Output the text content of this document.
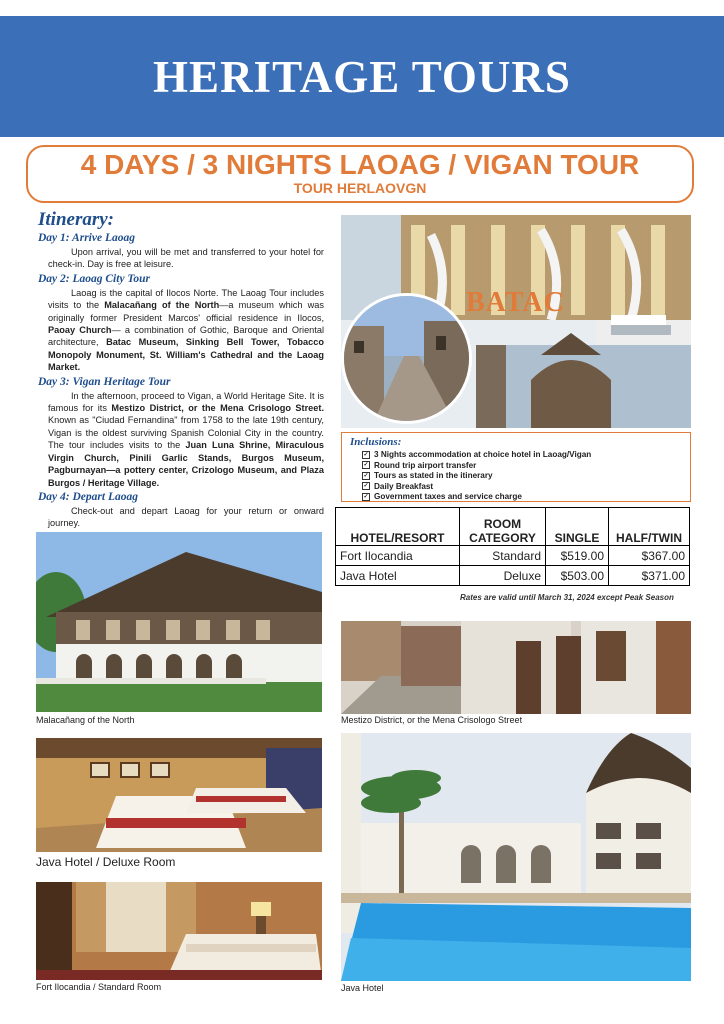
HERITAGE TOURS
4 DAYS / 3 NIGHTS LAOAG / VIGAN TOUR
TOUR HERLAOVGN
Itinerary:
Day 1: Arrive Laoag

Upon arrival, you will be met and transferred to your hotel for check-in. Day is free at leisure.

Day 2: Laoag City Tour

Laoag is the capital of Ilocos Norte. The Laoag Tour includes visits to the Malacañang of the North—a museum which was originally former President Marcos' official residence in Ilocos, Paoay Church— a combination of Gothic, Baroque and Oriental architecture, Batac Museum, Sinking Bell Tower, Tobacco Monopoly Monument, St. William's Cathedral and the Laoag Market.

Day 3: Vigan Heritage Tour

In the afternoon, proceed to Vigan, a World Heritage Site. It is famous for its Mestizo District, or the Mena Crisologo Street. Known as "Ciudad Fernandina" from 1758 to the late 19th century, Vigan is the oldest surviving Spanish Colonial City in the country. The tour includes visits to the Juan Luna Shrine, Miraculous Virgin Church, Pinili Garlic Stands, Burgos Museum, Pagburnayan—a pottery center, Crizologo Museum, and Plaza Burgos / Heritage Village.

Day 4: Depart Laoag

Check-out and depart Laoag for your return or onward journey.

BATAC
Inclusions:
✓ 3 Nights accommodation at choice hotel in Laoag/Vigan
✓ Round trip airport transfer
✓ Tours as stated in the itinerary
✓ Daily Breakfast
✓ Government taxes and service charge
HOTEL/RESORT	ROOM CATEGORY	SINGLE	HALF/TWIN
Fort Ilocandia	Standard	$519.00	$367.00
Java Hotel	Deluxe	$503.00	$371.00
Rates are valid until March 31, 2024 except Peak Season
Malacañang of the North	Mestizo District, or the Mena Crisologo Street
Java Hotel / Deluxe Room
Fort Ilocandia / Standard Room	Java Hotel
